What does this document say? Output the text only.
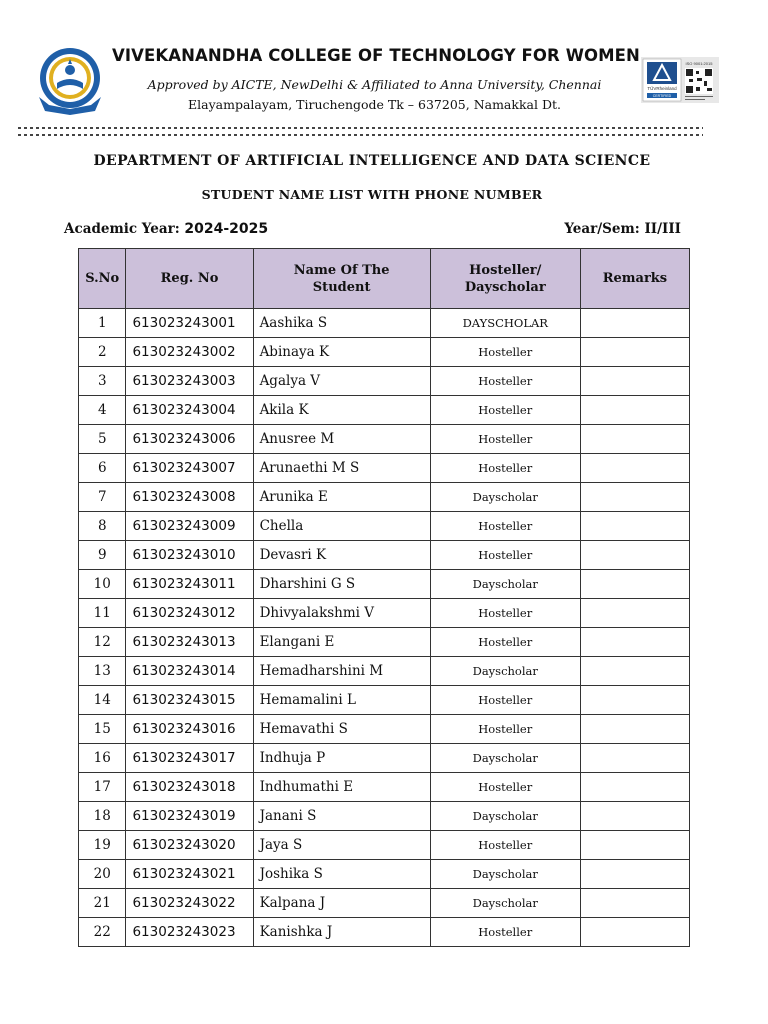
VIVEKANANDHA COLLEGE OF TECHNOLOGY FOR WOMEN
Approved by AICTE, NewDelhi & Affiliated to Anna University, Chennai
Elayampalayam, Tiruchengode Tk – 637205, Namakkal Dt.
TÜVRheinland
CERTIFIED
ISO 9001:2015
DEPARTMENT OF ARTIFICIAL INTELLIGENCE AND DATA SCIENCE
STUDENT NAME LIST WITH PHONE NUMBER
Academic Year: 2024-2025	Year/Sem: II/III
S.No	Reg. No	Name Of The Student	Hosteller/ Dayscholar	Remarks
1	613023243001	Aashika S	DAYSCHOLAR	
2	613023243002	Abinaya K	Hosteller	
3	613023243003	Agalya V	Hosteller	
4	613023243004	Akila K	Hosteller	
5	613023243006	Anusree M	Hosteller	
6	613023243007	Arunaethi M S	Hosteller	
7	613023243008	Arunika E	Dayscholar	
8	613023243009	Chella	Hosteller	
9	613023243010	Devasri K	Hosteller	
10	613023243011	Dharshini G S	Dayscholar	
11	613023243012	Dhivyalakshmi V	Hosteller	
12	613023243013	Elangani E	Hosteller	
13	613023243014	Hemadharshini M	Dayscholar	
14	613023243015	Hemamalini L	Hosteller	
15	613023243016	Hemavathi S	Hosteller	
16	613023243017	Indhuja P	Dayscholar	
17	613023243018	Indhumathi E	Hosteller	
18	613023243019	Janani S	Dayscholar	
19	613023243020	Jaya S	Hosteller	
20	613023243021	Joshika S	Dayscholar	
21	613023243022	Kalpana J	Dayscholar	
22	613023243023	Kanishka J	Hosteller	
